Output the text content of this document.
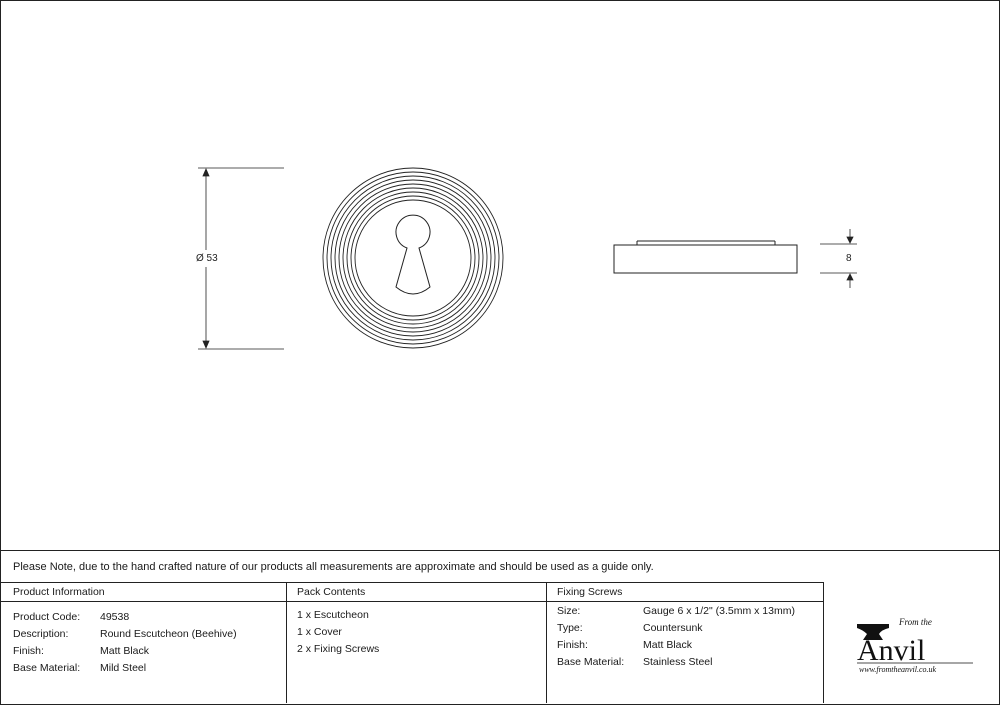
Ø 53	8
Please Note, due to the hand crafted nature of our products all measurements are approximate and should be used as a guide only.
Product Information
Product Code: 49538
Description:	Round Escutcheon (Beehive)
Finish:	Matt Black
Base Material: Mild Steel
Pack Contents
1 x Escutcheon
1 x Cover
2 x Fixing Screws
Fixing Screws
Size:	Gauge 6 x 1/2" (3.5mm x 13mm)
Type:	Countersunk
Finish:	Matt Black
Base Material: Stainless Steel
From the
Anvil
www.fromtheanvil.co.uk
